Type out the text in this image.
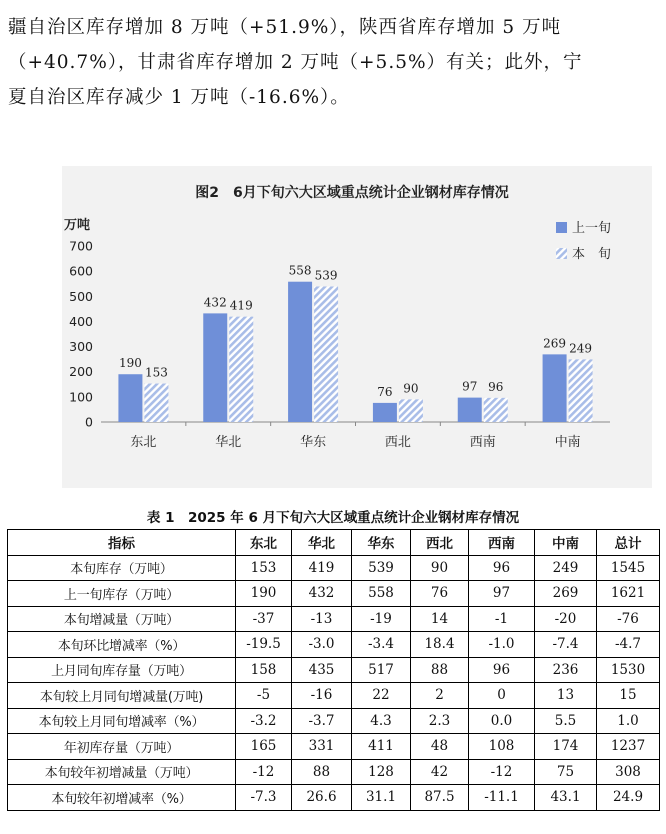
疆自治区库存增加 8 万吨（+51.9%），陕西省库存增加 5 万吨

（+40.7%），甘肃省库存增加 2 万吨（+5.5%）有关；此外，宁

夏自治区库存减少 1 万吨（-16.6%）。

图2　6月下旬六大区域重点统计企业钢材库存情况
万吨
0
100
200
300
400
500
600
700
190
153
东北
432 419
华北
558 539
华东
76 90
西北
97 96
西南
269 249
中南
上一旬
本　旬
表 1　2025 年 6 月下旬六大区域重点统计企业钢材库存情况
指标	东北	华北	华东	西北	西南	中南	总计
本旬库存（万吨）	153	419	539	90	96	249	1545
上一旬库存（万吨）	190	432	558	76	97	269	1621
本旬增减量（万吨）	-37	-13	-19	14	-1	-20	-76
本旬环比增减率（%）	-19.5	-3.0	-3.4	18.4	-1.0	-7.4	-4.7
上月同旬库存量（万吨）	158	435	517	88	96	236	1530
本旬较上月同旬增减量(万吨)	-5	-16	22	2	0	13	15
本旬较上月同旬增减率（%）	-3.2	-3.7	4.3	2.3	0.0	5.5	1.0
年初库存量（万吨）	165	331	411	48	108	174	1237
本旬较年初增减量（万吨）	-12	88	128	42	-12	75	308
本旬较年初增减率（%）	-7.3	26.6	31.1	87.5	-11.1	43.1	24.9
